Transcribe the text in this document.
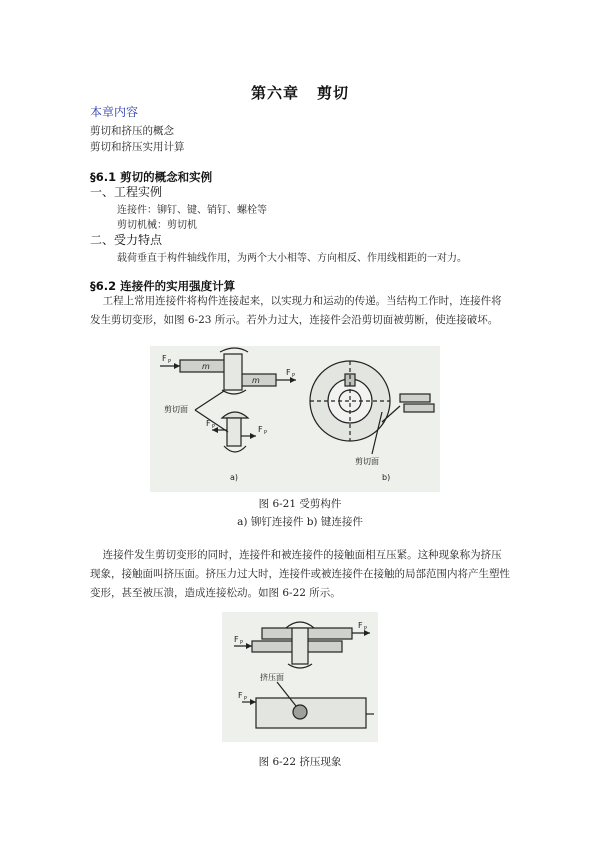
第六章 剪切
本章内容
剪切和挤压的概念
剪切和挤压实用计算
§6.1 剪切的概念和实例
一、工程实例
连接件：铆钉、键、销钉、螺栓等
剪切机械：剪切机
二、受力特点
载荷垂直于构件轴线作用，为两个大小相等、方向相反、作用线相距的一对力。
§6.2 连接件的实用强度计算
工程上常用连接件将构件连接起来，以实现力和运动的传递。当结构工作时，连接件将发生剪切变形，如图 6-23 所示。若外力过大，连接件会沿剪切面被剪断，使连接破坏。
F P
F P
F P	F P
m
m
剪切面
剪切面
a)	b)
图 6-21 受剪构件
a) 铆钉连接件 b) 键连接件
连接件发生剪切变形的同时，连接件和被连接件的接触面相互压紧。这种现象称为挤压现象，接触面叫挤压面。挤压力过大时，连接件或被连接件在接触的局部范围内将产生塑性变形，甚至被压溃，造成连接松动。如图 6-22 所示。
F P
F P
F P
挤压面
图 6-22 挤压现象
